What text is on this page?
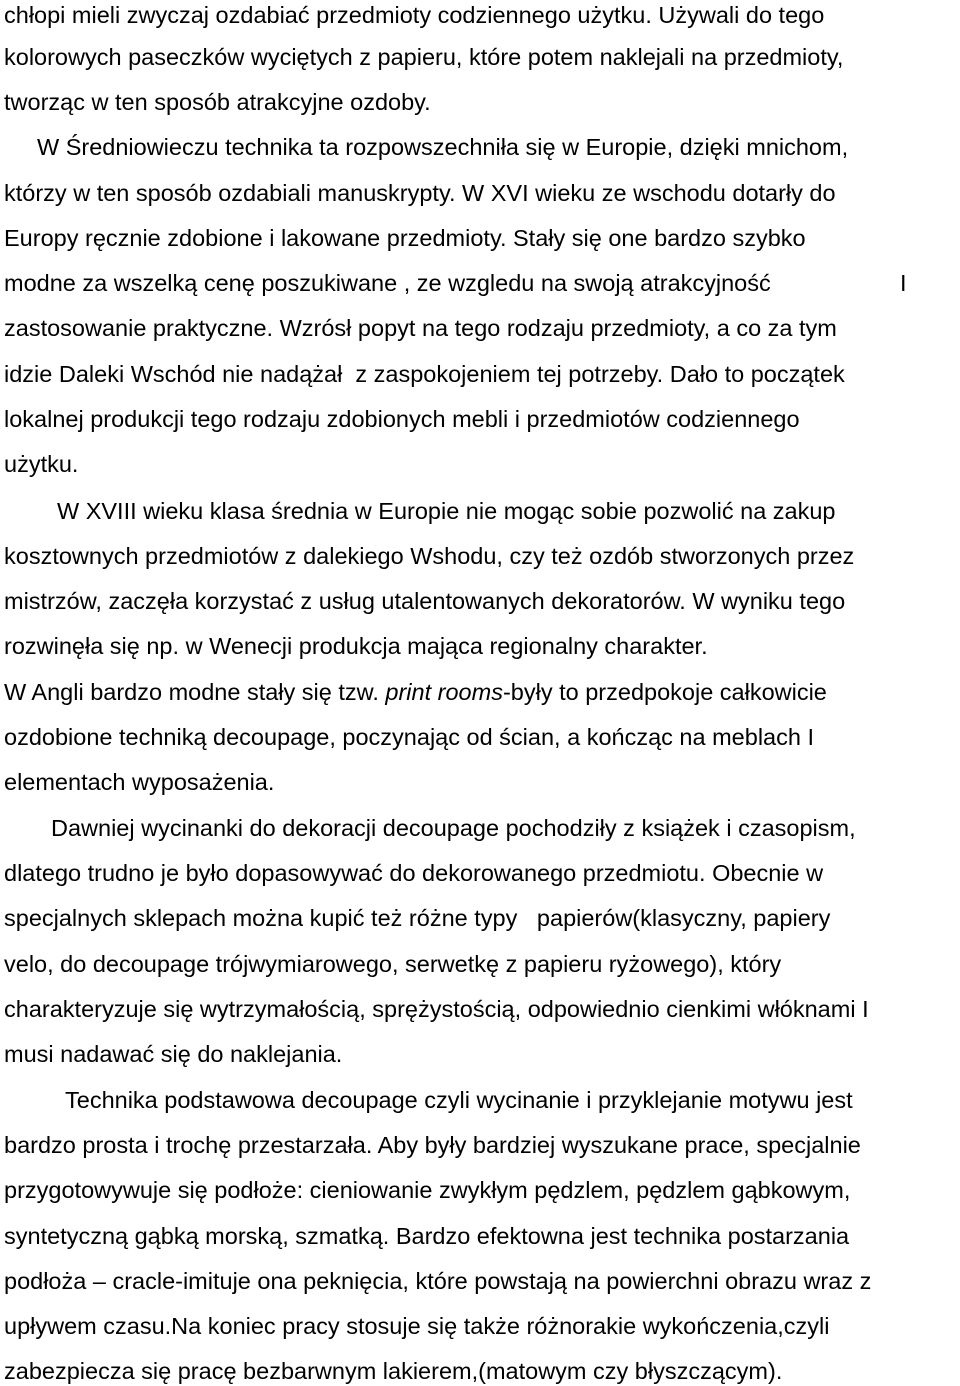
chłopi mieli zwyczaj ozdabiać przedmioty codziennego użytku. Używali do tego
kolorowych paseczków wyciętych z papieru, które potem naklejali na przedmioty,
tworząc w ten sposób atrakcyjne ozdoby.
W Średniowieczu technika ta rozpowszechniła się w Europie, dzięki mnichom,
którzy w ten sposób ozdabiali manuskrypty. W XVI wieku ze wschodu dotarły do
Europy ręcznie zdobione i lakowane przedmioty. Stały się one bardzo szybko
modne za wszelką cenę poszukiwane , ze wzgledu na swoją atrakcyjność	I
zastosowanie praktyczne. Wzrósł popyt na tego rodzaju przedmioty, a co za tym
idzie Daleki Wschód nie nadążał  z zaspokojeniem tej potrzeby. Dało to początek
lokalnej produkcji tego rodzaju zdobionych mebli i przedmiotów codziennego
użytku.
W XVIII wieku klasa średnia w Europie nie mogąc sobie pozwolić na zakup
kosztownych przedmiotów z dalekiego Wshodu, czy też ozdób stworzonych przez
mistrzów, zaczęła korzystać z usług utalentowanych dekoratorów. W wyniku tego
rozwinęła się np. w Wenecji produkcja mająca regionalny charakter.
W Angli bardzo modne stały się tzw. print rooms-były to przedpokoje całkowicie
ozdobione techniką decoupage, poczynając od ścian, a kończąc na meblach I
elementach wyposażenia.
Dawniej wycinanki do dekoracji decoupage pochodziły z książek i czasopism,
dlatego trudno je było dopasowywać do dekorowanego przedmiotu. Obecnie w
specjalnych sklepach można kupić też różne typy   papierów(klasyczny, papiery
velo, do decoupage trójwymiarowego, serwetkę z papieru ryżowego), który
charakteryzuje się wytrzymałością, sprężystością, odpowiednio cienkimi włóknami I
musi nadawać się do naklejania.
Technika podstawowa decoupage czyli wycinanie i przyklejanie motywu jest
bardzo prosta i trochę przestarzała. Aby były bardziej wyszukane prace, specjalnie
przygotowywuje się podłoże: cieniowanie zwykłym pędzlem, pędzlem gąbkowym,
syntetyczną gąbką morską, szmatką. Bardzo efektowna jest technika postarzania
podłoża – cracle-imituje ona peknięcia, które powstają na powierchni obrazu wraz z
upływem czasu.Na koniec pracy stosuje się także różnorakie wykończenia,czyli
zabezpiecza się pracę bezbarwnym lakierem,(matowym czy błyszczącym).
